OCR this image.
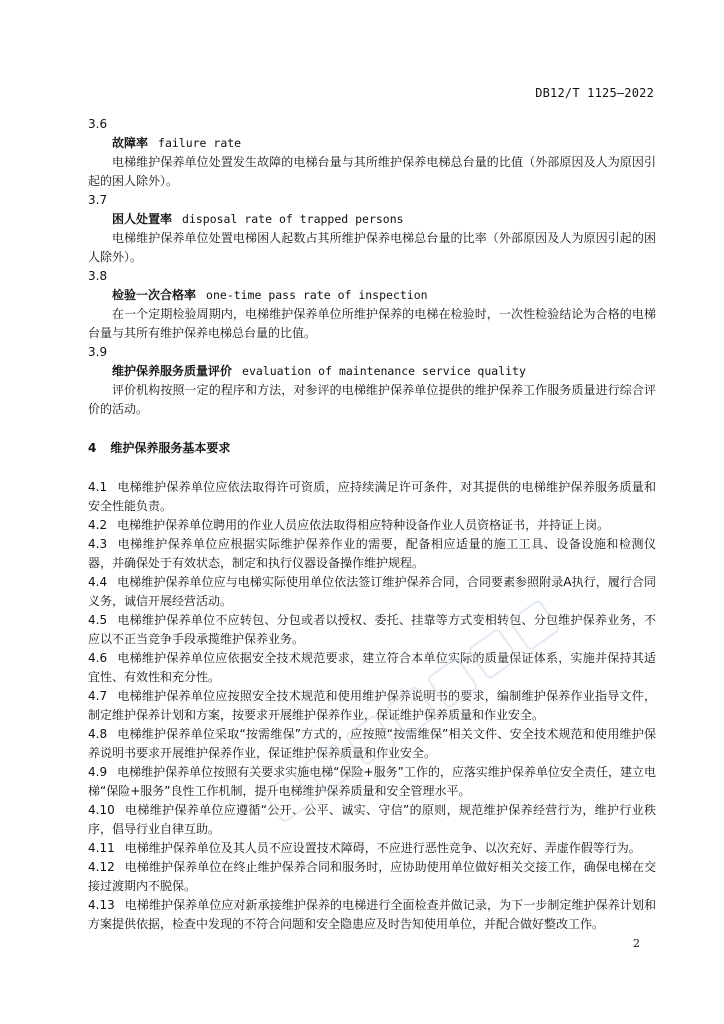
DB12/T 1125—2022
3.6
故障率 failure rate
电梯维护保养单位处置发生故障的电梯台量与其所维护保养电梯总台量的比值（外部原因及人为原因引起的困人除外）。
3.7
困人处置率 disposal rate of trapped persons
电梯维护保养单位处置电梯困人起数占其所维护保养电梯总台量的比率（外部原因及人为原因引起的困人除外）。
3.8
检验一次合格率 one-time pass rate of inspection
在一个定期检验周期内，电梯维护保养单位所维护保养的电梯在检验时，一次性检验结论为合格的电梯台量与其所有维护保养电梯总台量的比值。
3.9
维护保养服务质量评价 evaluation of maintenance service quality
评价机构按照一定的程序和方法，对参评的电梯维护保养单位提供的维护保养工作服务质量进行综合评价的活动。
4 维护保养服务基本要求
4.1 电梯维护保养单位应依法取得许可资质，应持续满足许可条件，对其提供的电梯维护保养服务质量和安全性能负责。
4.2 电梯维护保养单位聘用的作业人员应依法取得相应特种设备作业人员资格证书，并持证上岗。
4.3 电梯维护保养单位应根据实际维护保养作业的需要，配备相应适量的施工工具、设备设施和检测仪器，并确保处于有效状态，制定和执行仪器设备操作维护规程。
4.4 电梯维护保养单位应与电梯实际使用单位依法签订维护保养合同，合同要素参照附录A执行，履行合同义务，诚信开展经营活动。
4.5 电梯维护保养单位不应转包、分包或者以授权、委托、挂靠等方式变相转包、分包维护保养业务，不应以不正当竞争手段承揽维护保养业务。
4.6 电梯维护保养单位应依据安全技术规范要求，建立符合本单位实际的质量保证体系，实施并保持其适宜性、有效性和充分性。
4.7 电梯维护保养单位应按照安全技术规范和使用维护保养说明书的要求，编制维护保养作业指导文件，制定维护保养计划和方案，按要求开展维护保养作业，保证维护保养质量和作业安全。
4.8 电梯维护保养单位采取“按需维保”方式的，应按照“按需维保”相关文件、安全技术规范和使用维护保养说明书要求开展维护保养作业，保证维护保养质量和作业安全。
4.9 电梯维护保养单位按照有关要求实施电梯“保险+服务”工作的，应落实维护保养单位安全责任，建立电梯“保险+服务”良性工作机制，提升电梯维护保养质量和安全管理水平。
4.10 电梯维护保养单位应遵循“公开、公平、诚实、守信”的原则，规范维护保养经营行为，维护行业秩序，倡导行业自律互助。
4.11 电梯维护保养单位及其人员不应设置技术障碍，不应进行恶性竞争、以次充好、弄虚作假等行为。
4.12 电梯维护保养单位在终止维护保养合同和服务时，应协助使用单位做好相关交接工作，确保电梯在交接过渡期内不脱保。
4.13 电梯维护保养单位应对新承接维护保养的电梯进行全面检查并做记录，为下一步制定维护保养计划和方案提供依据，检查中发现的不符合问题和安全隐患应及时告知使用单位，并配合做好整改工作。
2
